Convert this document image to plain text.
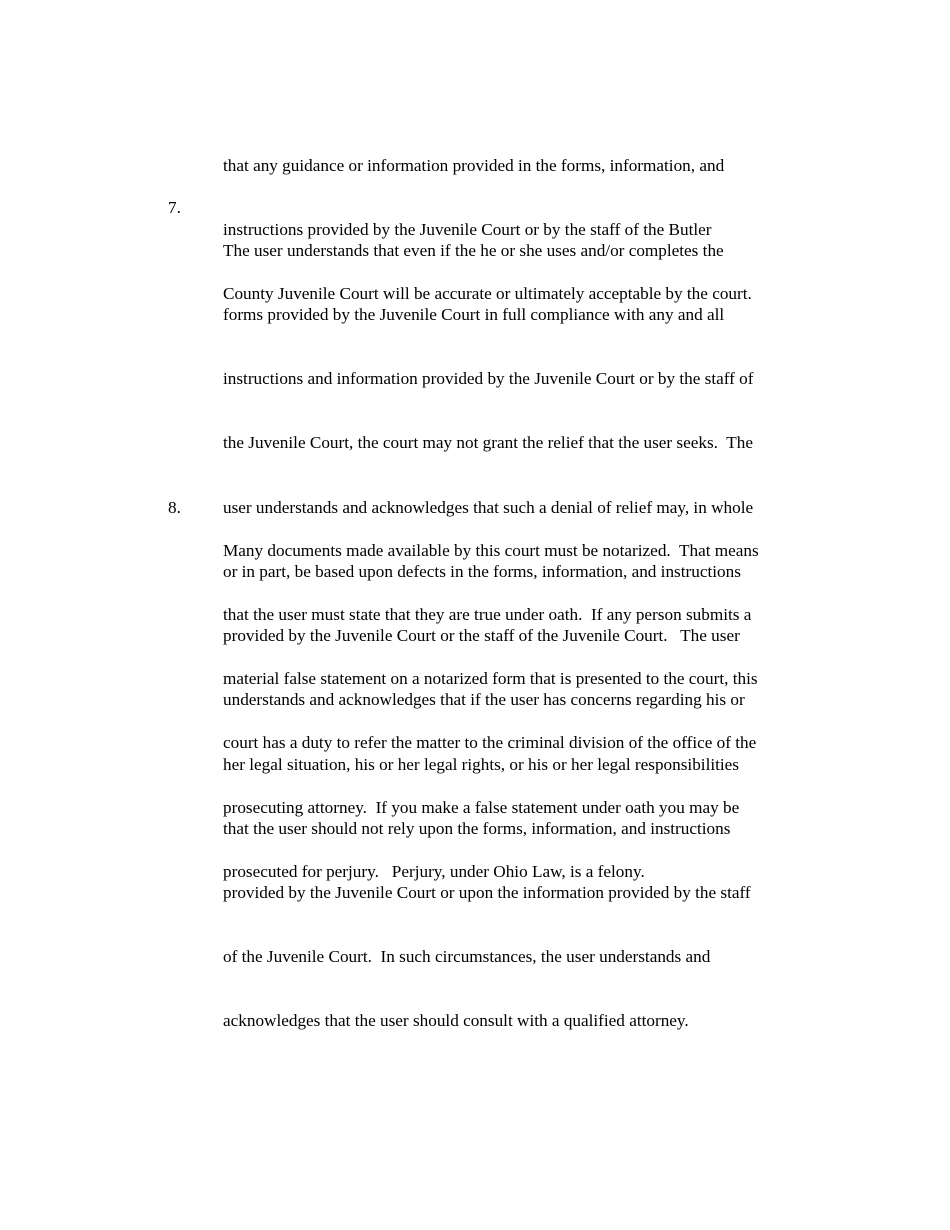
that any guidance or information provided in the forms, information, and

instructions provided by the Juvenile Court or by the staff of the Butler

County Juvenile Court will be accurate or ultimately acceptable by the court.

7.

The user understands that even if the he or she uses and/or completes the

forms provided by the Juvenile Court in full compliance with any and all

instructions and information provided by the Juvenile Court or by the staff of

the Juvenile Court, the court may not grant the relief that the user seeks.  The

user understands and acknowledges that such a denial of relief may, in whole

or in part, be based upon defects in the forms, information, and instructions

provided by the Juvenile Court or the staff of the Juvenile Court.   The user

understands and acknowledges that if the user has concerns regarding his or

her legal situation, his or her legal rights, or his or her legal responsibilities

that the user should not rely upon the forms, information, and instructions

provided by the Juvenile Court or upon the information provided by the staff

of the Juvenile Court.  In such circumstances, the user understands and

acknowledges that the user should consult with a qualified attorney.

8.

Many documents made available by this court must be notarized.  That means

that the user must state that they are true under oath.  If any person submits a

material false statement on a notarized form that is presented to the court, this

court has a duty to refer the matter to the criminal division of the office of the

prosecuting attorney.  If you make a false statement under oath you may be

prosecuted for perjury.   Perjury, under Ohio Law, is a felony.
